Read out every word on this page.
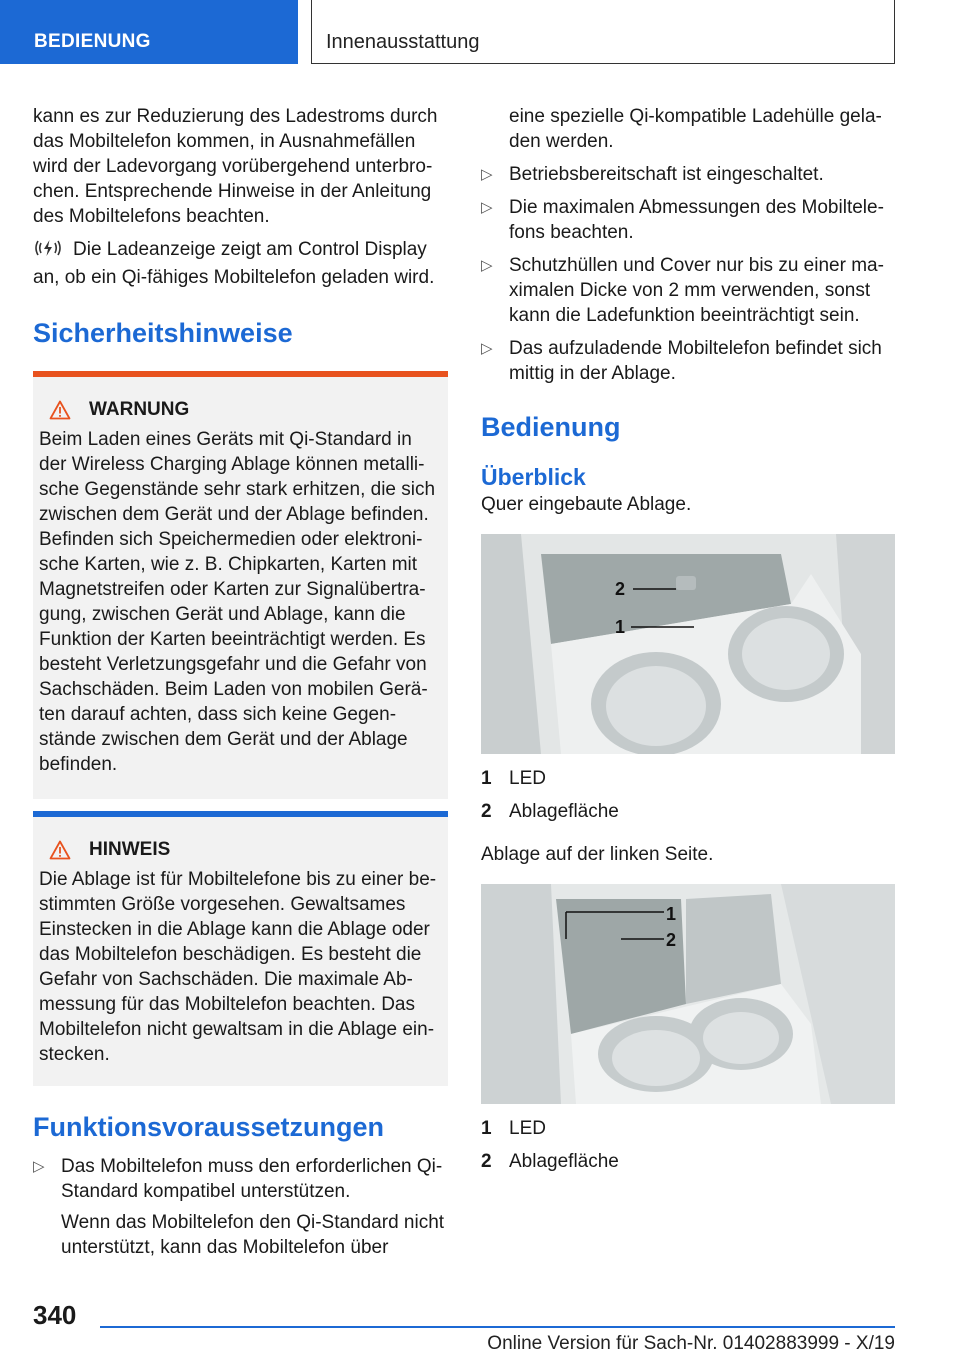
BEDIENUNG	Innenausstattung

kann es zur Reduzierung des Ladestroms durch das Mobiltelefon kommen, in Ausnahmefällen wird der Ladevorgang vorübergehend unterbrochen. Entsprechende Hinweise in der Anleitung des Mobiltelefons beachten.

Die Ladeanzeige zeigt am Control Display an, ob ein Qi-fähiges Mobiltelefon geladen wird.

Sicherheitshinweise
WARNUNG

Beim Laden eines Geräts mit Qi-Standard in der Wireless Charging Ablage können metallische Gegenstände sehr stark erhitzen, die sich zwischen dem Gerät und der Ablage befinden. Befinden sich Speichermedien oder elektronische Karten, wie z. B. Chipkarten, Karten mit Magnetstreifen oder Karten zur Signalübertragung, zwischen Gerät und Ablage, kann die Funktion der Karten beeinträchtigt werden. Es besteht Verletzungsgefahr und die Gefahr von Sachschäden. Beim Laden von mobilen Geräten darauf achten, dass sich keine Gegenstände zwischen dem Gerät und der Ablage befinden.

HINWEIS

Die Ablage ist für Mobiltelefone bis zu einer bestimmten Größe vorgesehen. Gewaltsames Einstecken in die Ablage kann die Ablage oder das Mobiltelefon beschädigen. Es besteht die Gefahr von Sachschäden. Die maximale Abmessung für das Mobiltelefon beachten. Das Mobiltelefon nicht gewaltsam in die Ablage einstecken.

Funktionsvoraussetzungen
▷ Das Mobiltelefon muss den erforderlichen Qi-Standard kompatibel unterstützen.

Wenn das Mobiltelefon den Qi-Standard nicht unterstützt, kann das Mobiltelefon über

eine spezielle Qi-kompatible Ladehülle geladen werden.

▷ Betriebsbereitschaft ist eingeschaltet.
▷ Die maximalen Abmessungen des Mobiltelefons beachten.
▷ Schutzhüllen und Cover nur bis zu einer maximalen Dicke von 2 mm verwenden, sonst kann die Ladefunktion beeinträchtigt sein.
▷ Das aufzuladende Mobiltelefon befindet sich mittig in der Ablage.
Bedienung
Überblick

Quer eingebaute Ablage.

2
1
1 LED
2 Ablagefläche

Ablage auf der linken Seite.

1
2
1 LED
2 Ablagefläche
340
Online Version für Sach-Nr. 01402883999 - X/19
